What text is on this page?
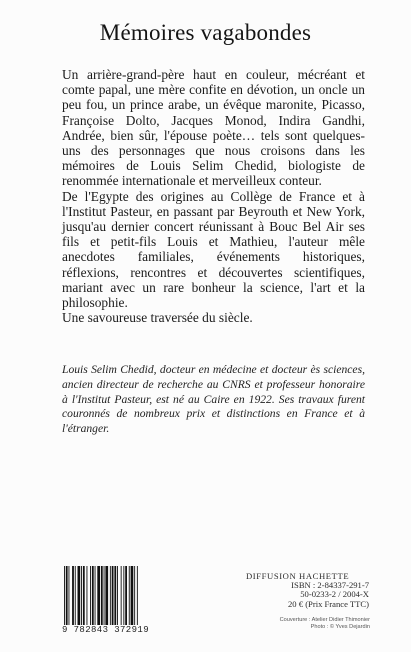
Mémoires vagabondes

Un arrière-grand-père haut en couleur, mécréant et comte papal, une mère confite en dévotion, un oncle un peu fou, un prince arabe, un évêque maronite, Picasso, Françoise Dolto, Jacques Monod, Indira Gandhi, Andrée, bien sûr, l'épouse poète… tels sont quelques-uns des personnages que nous croisons dans les mémoires de Louis Selim Chedid, biologiste de renommée internationale et merveilleux conteur.

De l'Egypte des origines au Collège de France et à l'Institut Pasteur, en passant par Beyrouth et New York, jusqu'au dernier concert réunissant à Bouc Bel Air ses fils et petit-fils Louis et Mathieu, l'auteur mêle anecdotes familiales, événements historiques, réflexions, rencontres et découvertes scientifiques, mariant avec un rare bonheur la science, l'art et la philosophie.

Une savoureuse traversée du siècle.

Louis Selim Chedid, docteur en médecine et docteur ès sciences, ancien directeur de recherche au CNRS et professeur honoraire à l'Institut Pasteur, est né au Caire en 1922. Ses travaux furent couronnés de nombreux prix et distinctions en France et à l'étranger.
9 782843 372919
DIFFUSION HACHETTE
ISBN : 2-84337-291-7
50-0233-2 / 2004-X
20 € (Prix France TTC)
Couverture : Atelier Didier Thimonier
Photo : © Yves Dejardin
